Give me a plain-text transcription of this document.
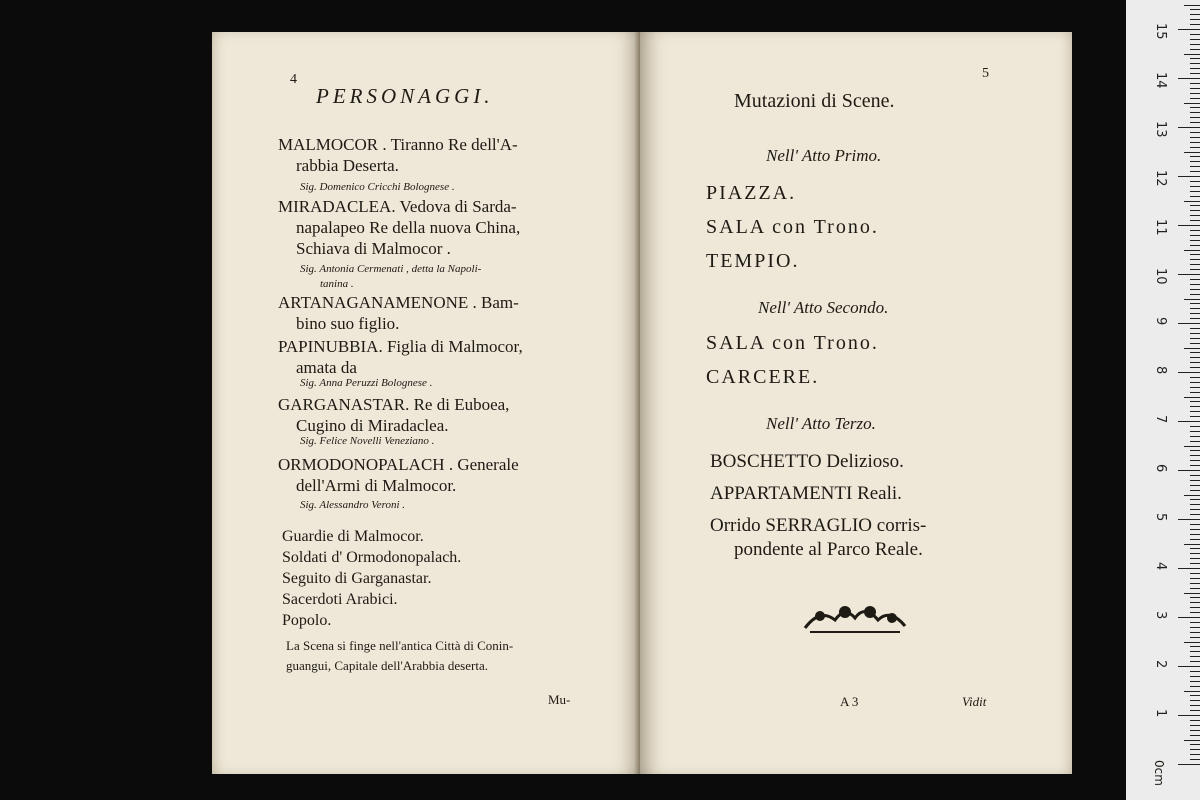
4
PERSONAGGI.
MALMOCOR . Tiranno Re dell'A-
rabbia Deserta.
Sig. Domenico Cricchi Bolognese .
MIRADACLEA. Vedova di Sarda-
napalapeo Re della nuova China,
Schiava di Malmocor .
Sig. Antonia Cermenati , detta la Napoli-
tanina .
ARTANAGANAMENONE . Bam-
bino suo figlio.
PAPINUBBIA. Figlia di Malmocor,
amata da
Sig. Anna Peruzzi Bolognese .
GARGANASTAR. Re di Euboea,
Cugino di Miradaclea.
Sig. Felice Novelli Veneziano .
ORMODONOPALACH . Generale
dell'Armi di Malmocor.
Sig. Alessandro Veroni .
Guardie di Malmocor.
Soldati d' Ormodonopalach.
Seguito di Garganastar.
Sacerdoti Arabici.
Popolo.
La Scena si finge nell'antica Città di Conin-
guangui, Capitale dell'Arabbia deserta.
Mu-
5
Mutazioni di Scene.
Nell' Atto Primo.
PIAZZA.
SALA con Trono.
TEMPIO.
Nell' Atto Secondo.
SALA con Trono.
CARCERE.
Nell' Atto Terzo.
BOSCHETTO Delizioso.
APPARTAMENTI Reali.
Orrido SERRAGLIO corris-
pondente al Parco Reale.
A 3	Vidit
0cm
1
2
3
4
5
6
7
8
9
10
11
12
13
14
15
